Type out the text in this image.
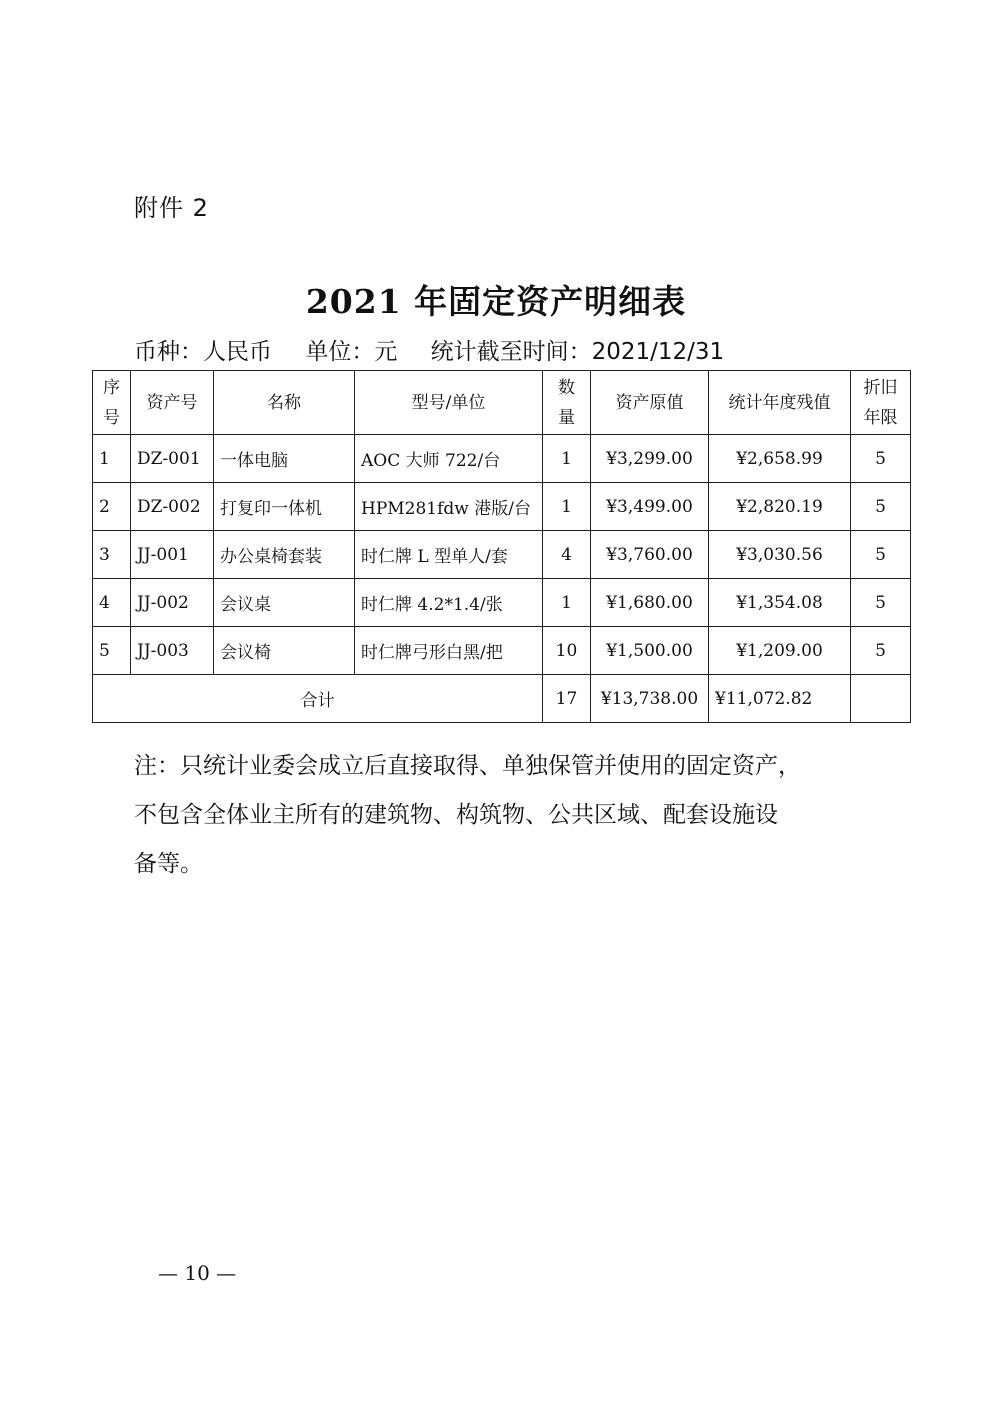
附件 2
2021 年固定资产明细表
币种：人民币 单位：元 统计截至时间：2021/12/31
序号	资产号	名称	型号/单位	数量	资产原值	统计年度残值	折旧年限

1	DZ-001	一体电脑	AOC 大师 722/台	1	¥3,299.00	¥2,658.99	5
2	DZ-002	打复印一体机	HPM281fdw 港版/台	1	¥3,499.00	¥2,820.19	5
3	JJ-001	办公桌椅套装	时仁牌 L 型单人/套	4	¥3,760.00	¥3,030.56	5
4	JJ-002	会议桌	时仁牌 4.2*1.4/张	1	¥1,680.00	¥1,354.08	5
5	JJ-003	会议椅	时仁牌弓形白黑/把	10	¥1,500.00	¥1,209.00	5
合计				17	¥13,738.00	¥11,072.82	

注：只统计业委会成立后直接取得、单独保管并使用的固定资产，

不包含全体业主所有的建筑物、构筑物、公共区域、配套设施设

备等。

— 10 —
